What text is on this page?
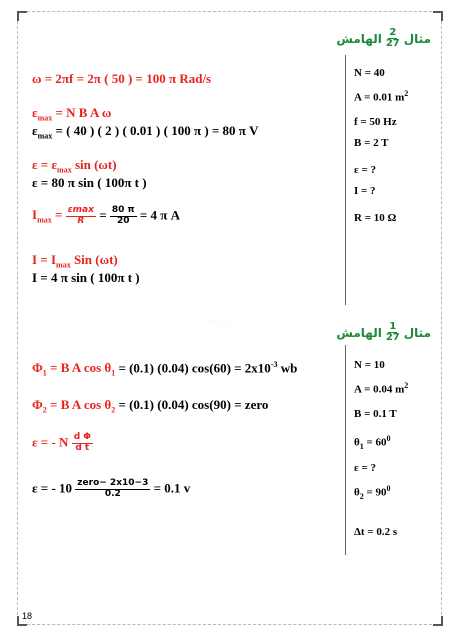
مثال
$\frac{2}{27}$
الهامش
ω = 2πf = 2π ( 50 ) = 100 π Rad/s
$\varepsilon_{max} = N$ B A ω
$\varepsilon_{max}$ = ( 40 ) ( 2 ) ( 0.01 ) ( 100 π ) = 80 π V
$\varepsilon = \varepsilon_{max}$ sin (ωt)
ε = 80 π sin ( 100π t )
$I_{max} = \frac{\varepsilon\max}{R} = \frac{80 \pi}{20} = 4$ π A
$I = I_{max}$ Sin (ωt)
I = 4 π sin ( 100π t )
N = 40
A = 0.01 $m^2$
f = 50 Hz
B = 2 T
ε = ?
I = ?
R = 10 Ω
· · · · · · · · · · · ·
مثال
$\frac{1}{27}$
الهامش
$\Phi_1 = B$ A $\cos \theta_1 = (0.1)$ (0.04) $\cos(60) = 2x10^{-3}$ wb
$\Phi_2 = B$ A $\cos \theta_2 = (0.1)$ (0.04) cos(90) = zero
ε = - N $\frac{\text{d Φ}}{\text{d t}}$
ε = - $10 \frac{\text{zero− 2x10−3}}{0.2} = 0.1$ v
N = 10
A = 0.04 $m^2$
B = 0.1 T
$\theta_1 = 60^0$
ε = ?
$\theta_2 = 90^0$
Δt = 0.2 s
18
